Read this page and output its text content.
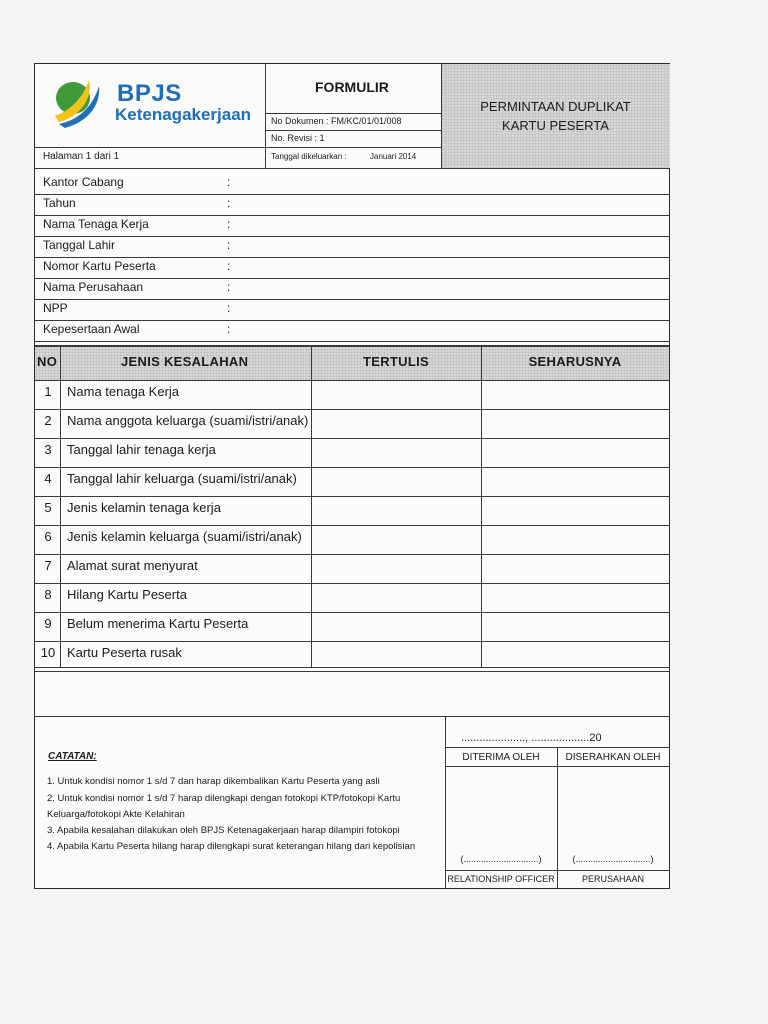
BPJS
Ketenagakerjaan
FORMULIR
No Dokumen : FM/KC/01/01/008
No. Revisi : 1
Tanggal dikeluarkan :	Januari 2014
Halaman 1 dari 1
PERMINTAAN DUPLIKAT
KARTU PESERTA
Kantor Cabang	:
Tahun	:
Nama Tenaga Kerja	:
Tanggal Lahir	:
Nomor Kartu Peserta	:
Nama Perusahaan	:
NPP	:
Kepesertaan Awal	:
NO	JENIS KESALAHAN	TERTULIS	SEHARUSNYA
1	Nama tenaga Kerja
2	Nama anggota keluarga (suami/istri/anak)
3	Tanggal lahir tenaga kerja
4	Tanggal lahir keluarga (suami/istri/anak)
5	Jenis kelamin tenaga kerja
6	Jenis kelamin keluarga (suami/istri/anak)
7	Alamat surat menyurat
8	Hilang Kartu Peserta
9	Belum menerima Kartu Peserta
10 Kartu Peserta rusak
....................., ...................20
DITERIMA OLEH	DISERAHKAN OLEH
(..............................)	(..............................)
RELATIONSHIP OFFICER	PERUSAHAAN
CATATAN:
1. Untuk kondisi nomor 1 s/d 7 dan harap dikembalikan Kartu Peserta yang asli
2. Untuk kondisi nomor 1 s/d 7 harap dilengkapi dengan fotokopi KTP/fotokopi Kartu
Keluarga/fotokopi Akte Kelahiran
3. Apabila kesalahan dilakukan oleh BPJS Ketenagakerjaan harap dilampiri fotokopi
4. Apabila Kartu Peserta hilang harap dilengkapi surat keterangan hilang dari kepolisian
